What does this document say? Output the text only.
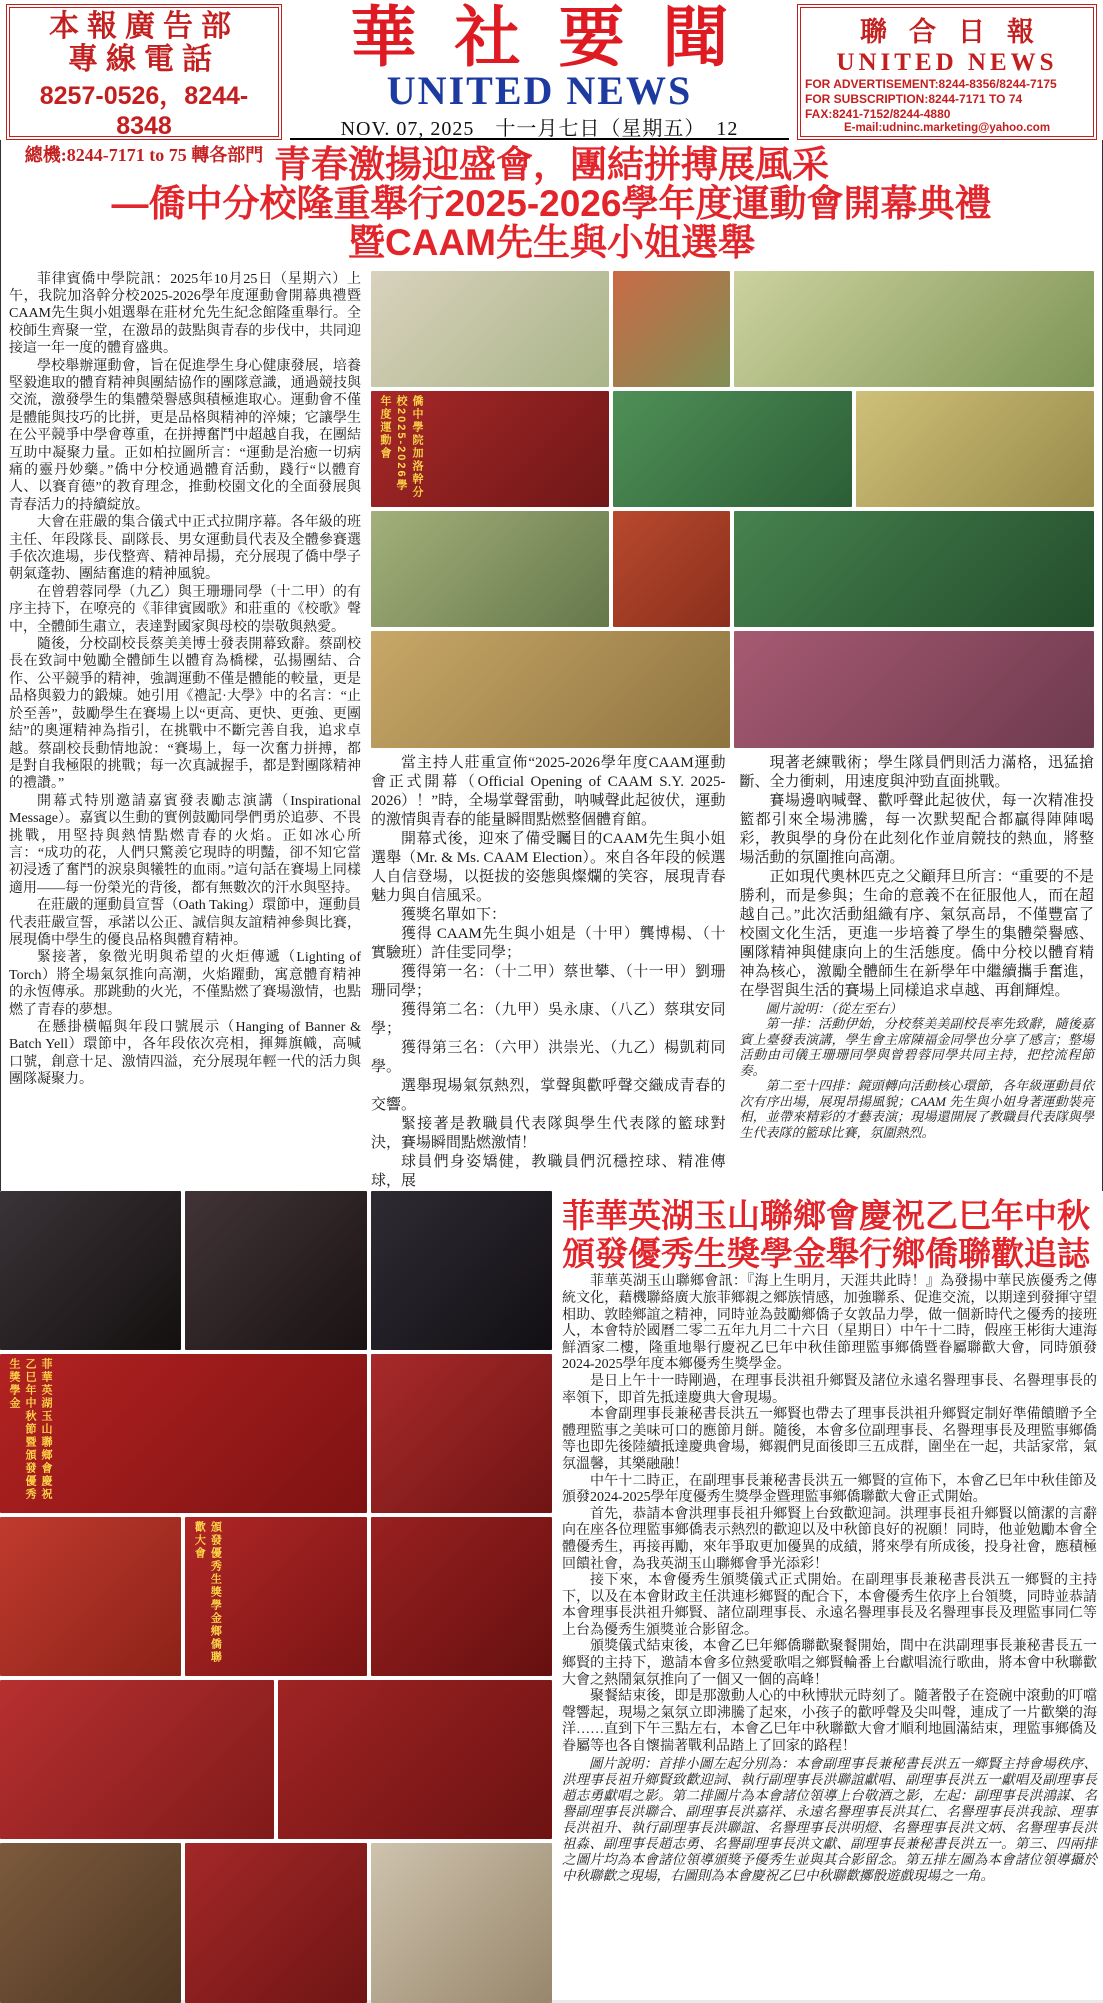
本報廣告部
專線電話
8257-0526，8244-8348
總機:8244-7171 to 75 轉各部門
華社要聞
UNITED NEWS
NOV. 07, 2025　十一月七日（星期五）　12
聯合日報
UNITED NEWS
FOR ADVERTISEMENT:8244-8356/8244-7175
FOR SUBSCRIPTION:8244-7171 TO 74
FAX:8241-7152/8244-4880
E-mail:udninc.marketing@yahoo.com

青春激揚迎盛會，團結拼搏展風采

—僑中分校隆重舉行2025-2026學年度運動會開幕典禮

暨CAAM先生與小姐選舉

菲律賓僑中學院訊：2025年10月25日（星期六）上午，我院加洛幹分校2025-2026學年度運動會開幕典禮暨CAAM先生與小姐選舉在莊材允先生紀念館隆重舉行。全校師生齊聚一堂，在激昂的鼓點與青春的步伐中，共同迎接這一年一度的體育盛典。

學校舉辦運動會，旨在促進學生身心健康發展，培養堅毅進取的體育精神與團結協作的團隊意識，通過競技與交流，激發學生的集體榮譽感與積極進取心。運動會不僅是體能與技巧的比拼，更是品格與精神的淬煉；它讓學生在公平競爭中學會尊重，在拼搏奮鬥中超越自我，在團結互助中凝聚力量。正如柏拉圖所言：“運動是治癒一切病痛的靈丹妙藥。”僑中分校通過體育活動，踐行“以體育人、以賽育德”的教育理念，推動校園文化的全面發展與青春活力的持續綻放。

大會在莊嚴的集合儀式中正式拉開序幕。各年級的班主任、年段隊長、副隊長、男女運動員代表及全體參賽選手依次進場，步伐整齊、精神昂揚，充分展現了僑中學子朝氣蓬勃、團結奮進的精神風貌。

在曾碧蓉同學（九乙）與王珊珊同學（十二甲）的有序主持下，在嘹亮的《菲律賓國歌》和莊重的《校歌》聲中，全體師生肅立，表達對國家與母校的崇敬與熱愛。

隨後，分校副校長蔡美美博士發表開幕致辭。蔡副校長在致詞中勉勵全體師生以體育為橋樑，弘揚團結、合作、公平競爭的精神，強調運動不僅是體能的較量，更是品格與毅力的鍛煉。她引用《禮記·大學》中的名言：“止於至善”，鼓勵學生在賽場上以“更高、更快、更強、更團結”的奧運精神為指引，在挑戰中不斷完善自我，追求卓越。蔡副校長動情地說：“賽場上，每一次奮力拼搏，都是對自我極限的挑戰；每一次真誠握手，都是對團隊精神的禮讚。”

開幕式特別邀請嘉賓發表勵志演講（Inspirational Message）。嘉賓以生動的實例鼓勵同學們勇於追夢、不畏挑戰，用堅持與熱情點燃青春的火焰。正如冰心所言：“成功的花，人們只驚羨它現時的明豔，卻不知它當初浸透了奮鬥的淚泉與犧牲的血雨。”這句話在賽場上同樣適用——每一份榮光的背後，都有無數次的汗水與堅持。

在莊嚴的運動員宣誓（Oath Taking）環節中，運動員代表莊嚴宣誓，承諾以公正、誠信與友誼精神參與比賽，展現僑中學生的優良品格與體育精神。

緊接著，象徵光明與希望的火炬傳遞（Lighting of Torch）將全場氣氛推向高潮，火焰躍動，寓意體育精神的永恆傳承。那跳動的火光，不僅點燃了賽場激情，也點燃了青春的夢想。

在懸掛橫幅與年段口號展示（Hanging of Banner & Batch Yell）環節中，各年段依次亮相，揮舞旗幟，高喊口號，創意十足、激情四溢，充分展現年輕一代的活力與團隊凝聚力。

僑中學院加洛幹分校2025-2026學年度運動會

當主持人莊重宣佈“2025-2026學年度CAAM運動會正式開幕（Official Opening of CAAM S.Y. 2025-2026）！”時，全場掌聲雷動，呐喊聲此起彼伏，運動的激情與青春的能量瞬間點燃整個體育館。

開幕式後，迎來了備受矚目的CAAM先生與小姐選舉（Mr. & Ms. CAAM Election）。來自各年段的候選人自信登場，以挺拔的姿態與燦爛的笑容，展現青春魅力與自信風采。

獲獎名單如下：

獲得 CAAM先生與小姐是（十甲）龔博楊、（十實驗班）許佳雯同學；

獲得第一名：（十二甲）蔡世攀、（十一甲）劉珊珊同學；

獲得第二名：（九甲）吳永康、（八乙）蔡琪安同學；

獲得第三名：（六甲）洪崇光、（九乙）楊凱莉同學。

選舉現場氣氛熱烈，掌聲與歡呼聲交織成青春的交響。

緊接著是教職員代表隊與學生代表隊的籃球對決，賽場瞬間點燃激情！

球員們身姿矯健，教職員們沉穩控球、精准傳球，展

現著老練戰術；學生隊員們則活力滿格，迅猛搶斷、全力衝刺，用速度與沖勁直面挑戰。

賽場邊吶喊聲、歡呼聲此起彼伏，每一次精准投籃都引來全場沸騰，每一次默契配合都贏得陣陣喝彩，教與學的身份在此刻化作並肩競技的熱血，將整場活動的氛圍推向高潮。

正如現代奧林匹克之父顧拜旦所言：“重要的不是勝利，而是參與；生命的意義不在征服他人，而在超越自己。”此次活動組織有序、氣氛高昂，不僅豐富了校園文化生活，更進一步培養了學生的集體榮譽感、團隊精神與健康向上的生活態度。僑中分校以體育精神為核心，激勵全體師生在新學年中繼續攜手奮進，在學習與生活的賽場上同樣追求卓越、再創輝煌。

圖片說明：（從左至右）

第一排：活動伊始，分校蔡美美副校長率先致辭，隨後嘉賓上臺發表演講，學生會主席陳福金同學也分享了感言；整場活動由司儀王珊珊同學與曾碧蓉同學共同主持，把控流程節奏。

第二至十四排：鏡頭轉向活動核心環節，各年級運動員依次有序出場，展現昂揚風貌；CAAM 先生與小姐身著運動裝亮相，並帶來精彩的才藝表演；現場還開展了教職員代表隊與學生代表隊的籃球比賽，氛圍熱烈。

菲華英湖玉山聯鄉會慶祝乙巳年中秋節暨頒發優秀生獎學金
頒發優秀生獎學金鄉僑聯歡大會

菲華英湖玉山聯鄉會慶祝乙巳年中秋

頒發優秀生獎學金舉行鄉僑聯歡追誌

菲華英湖玉山聯鄉會訊：『海上生明月，天涯共此時！』為發揚中華民族優秀之傳統文化，藉機聯絡廣大旅菲鄉親之鄉族情感，加強聯系、促進交流，以期達到發揮守望相助、敦睦鄉誼之精神，同時並為鼓勵鄉僑子女敦品力學，做一個新時代之優秀的接班人，本會特於國曆二零二五年九月二十六日（星期日）中午十二時，假座王彬街大連海鮮酒家二樓，隆重地舉行慶祝乙巳年中秋佳節理監事鄉僑暨眷屬聯歡大會，同時頒發2024-2025學年度本鄉優秀生獎學金。

是日上午十一時剛過，在理事長洪祖升鄉賢及諸位永遠名譽理事長、名譽理事長的率領下，即首先抵達慶典大會現場。

本會副理事長兼秘書長洪五一鄉賢也帶去了理事長洪祖升鄉賢定制好準備饋贈予全體理監事之美味可口的應節月餅。隨後，本會多位副理事長、名譽理事長及理監事鄉僑等也即先後陸續抵達慶典會場，鄉親們見面後即三五成群，圍坐在一起，共話家常，氣氛溫馨，其樂融融！

中午十二時正，在副理事長兼秘書長洪五一鄉賢的宣佈下，本會乙巳年中秋佳節及頒發2024-2025學年度優秀生獎學金暨理監事鄉僑聯歡大會正式開始。

首先，恭請本會洪理事長祖升鄉賢上台致歡迎詞。洪理事長祖升鄉賢以簡潔的言辭向在座各位理監事鄉僑表示熱烈的歡迎以及中秋節良好的祝願！同時，他並勉勵本會全體優秀生，再接再勵，來年爭取更加優異的成績，將來學有所成後，投身社會，應積極回饋社會，為我英湖玉山聯鄉會爭光添彩！

接下來，本會優秀生頒獎儀式正式開始。在副理事長兼秘書長洪五一鄉賢的主持下，以及在本會財政主任洪連杉鄉賢的配合下，本會優秀生依序上台領獎，同時並恭請本會理事長洪祖升鄉賢、諸位副理事長、永遠名譽理事長及名譽理事長及理監事同仁等上台為優秀生頒獎並合影留念。

頒獎儀式結束後，本會乙巳年鄉僑聯歡聚餐開始，間中在洪副理事長兼秘書長五一鄉賢的主持下，邀請本會多位熱愛歌唱之鄉賢輪番上台獻唱流行歌曲，將本會中秋聯歡大會之熱鬧氣氛推向了一個又一個的高峰！

聚餐結束後，即是那激動人心的中秋博狀元時刻了。隨著骰子在瓷碗中滾動的叮噹聲響起，現場之氣氛立即沸騰了起來，小孩子的歡呼聲及尖叫聲，連成了一片歡樂的海洋……直到下午三點左右，本會乙巳年中秋聯歡大會才順利地圓滿結束，理監事鄉僑及眷屬等也各自懷揣著戰利品踏上了回家的路程！

圖片說明：首排小圖左起分別為：本會副理事長兼秘書長洪五一鄉賢主持會場秩序、洪理事長祖升鄉賢致歡迎詞、執行副理事長洪聯誼獻唱、副理事長洪五一獻唱及副理事長趙志勇獻唱之影。第二排圖片為本會諸位領導上台敬酒之影，左起：副理事長洪鴻謀、名譽副理事長洪聯合、副理事長洪嘉祥、永遠名譽理事長洪其仁、名譽理事長洪我諒、理事長洪祖升、執行副理事長洪聯誼、名譽理事長洪明燈、名譽理事長洪文炳、名譽理事長洪祖淼、副理事長趙志勇、名譽副理事長洪文獻、副理事長兼秘書長洪五一。第三、四兩排之圖片均為本會諸位領導頒獎予優秀生並與其合影留念。第五排左圖為本會諸位領導攝於中秋聯歡之現場，右圖則為本會慶祝乙巳中秋聯歡擲骰遊戲現場之一角。
